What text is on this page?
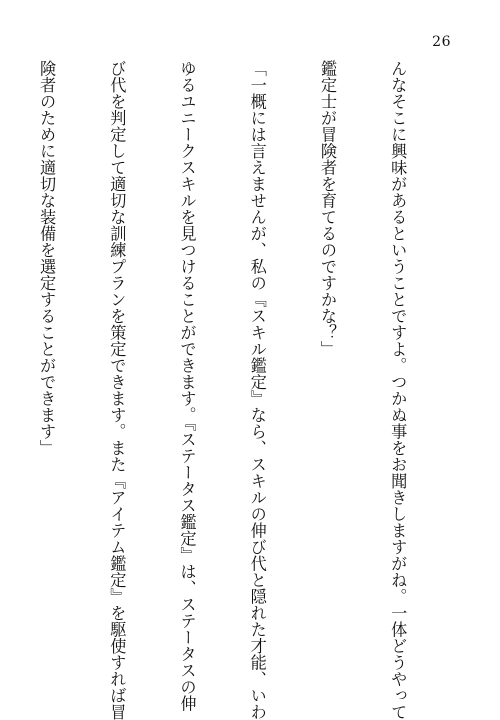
26

んなそこに興味があるということですよ。つかぬ事をお聞きしますがね。一体どうやって

鑑定士が冒険者を育てるのですかな？」

「一概には言えませんが、私の『スキル鑑定』なら、スキルの伸び代と隠れた才能、いわ

ゆるユニークスキルを見つけることができます。『ステータス鑑定』は、ステータスの伸

び代を判定して適切な訓練プランを策定できます。また『アイテム鑑定』を駆使すれば冒

険者のために適切な装備を選定することができます」
